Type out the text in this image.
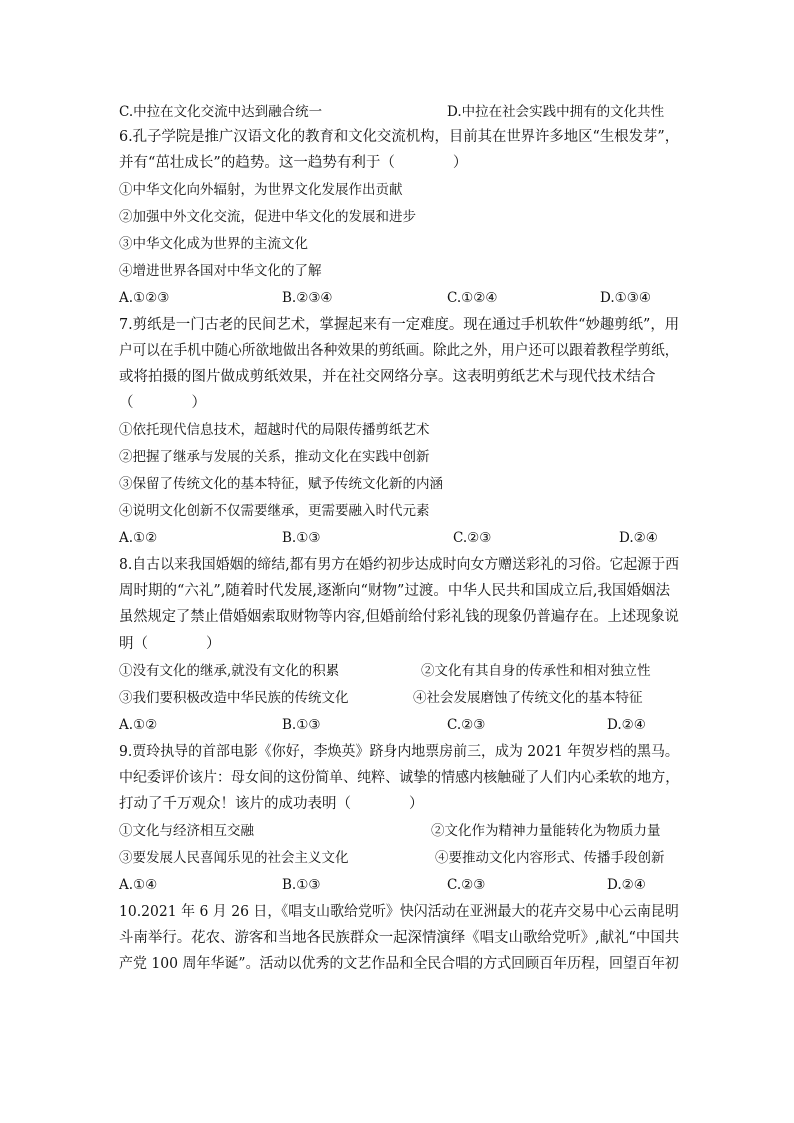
C.中拉在文化交流中达到融合统一	D.中拉在社会实践中拥有的文化共性
6.孔子学院是推广汉语文化的教育和文化交流机构，目前其在世界许多地区“生根发芽”，
并有“茁壮成长”的趋势。这一趋势有利于（　　　　）
①中华文化向外辐射，为世界文化发展作出贡献
②加强中外文化交流，促进中华文化的发展和进步
③中华文化成为世界的主流文化
④增进世界各国对中华文化的了解
A.①②③	B.②③④	C.①②④	D.①③④
7.剪纸是一门古老的民间艺术，掌握起来有一定难度。现在通过手机软件“妙趣剪纸”，用
户可以在手机中随心所欲地做出各种效果的剪纸画。除此之外，用户还可以跟着教程学剪纸，
或将拍摄的图片做成剪纸效果，并在社交网络分享。这表明剪纸艺术与现代技术结合
（　　　　）
①依托现代信息技术，超越时代的局限传播剪纸艺术
②把握了继承与发展的关系，推动文化在实践中创新
③保留了传统文化的基本特征，赋予传统文化新的内涵
④说明文化创新不仅需要继承，更需要融入时代元素
A.①②	B.①③	C.②③	D.②④
8.自古以来我国婚姻的缔结,都有男方在婚约初步达成时向女方赠送彩礼的习俗。它起源于西
周时期的“六礼”,随着时代发展,逐渐向“财物”过渡。中华人民共和国成立后,我国婚姻法
虽然规定了禁止借婚姻索取财物等内容,但婚前给付彩礼钱的现象仍普遍存在。上述现象说
明（　　　　）
①没有文化的继承,就没有文化的积累	②文化有其自身的传承性和相对独立性
③我们要积极改造中华民族的传统文化	④社会发展磨蚀了传统文化的基本特征
A.①②	B.①③	C.②③	D.②④
9.贾玲执导的首部电影《你好，李焕英》跻身内地票房前三，成为 2021 年贺岁档的黑马。
中纪委评价该片：母女间的这份简单、纯粹、诚挚的情感内核触碰了人们内心柔软的地方，
打动了千万观众！该片的成功表明（　　　　）
①文化与经济相互交融	②文化作为精神力量能转化为物质力量
③要发展人民喜闻乐见的社会主义文化	④要推动文化内容形式、传播手段创新
A.①④	B.①③	C.②③	D.②④
10.2021 年 6 月 26 日，《唱支山歌给党听》快闪活动在亚洲最大的花卉交易中心云南昆明
斗南举行。花农、游客和当地各民族群众一起深情演绎《唱支山歌给党听》,献礼“中国共
产党 100 周年华诞”。活动以优秀的文艺作品和全民合唱的方式回顾百年历程，回望百年初
